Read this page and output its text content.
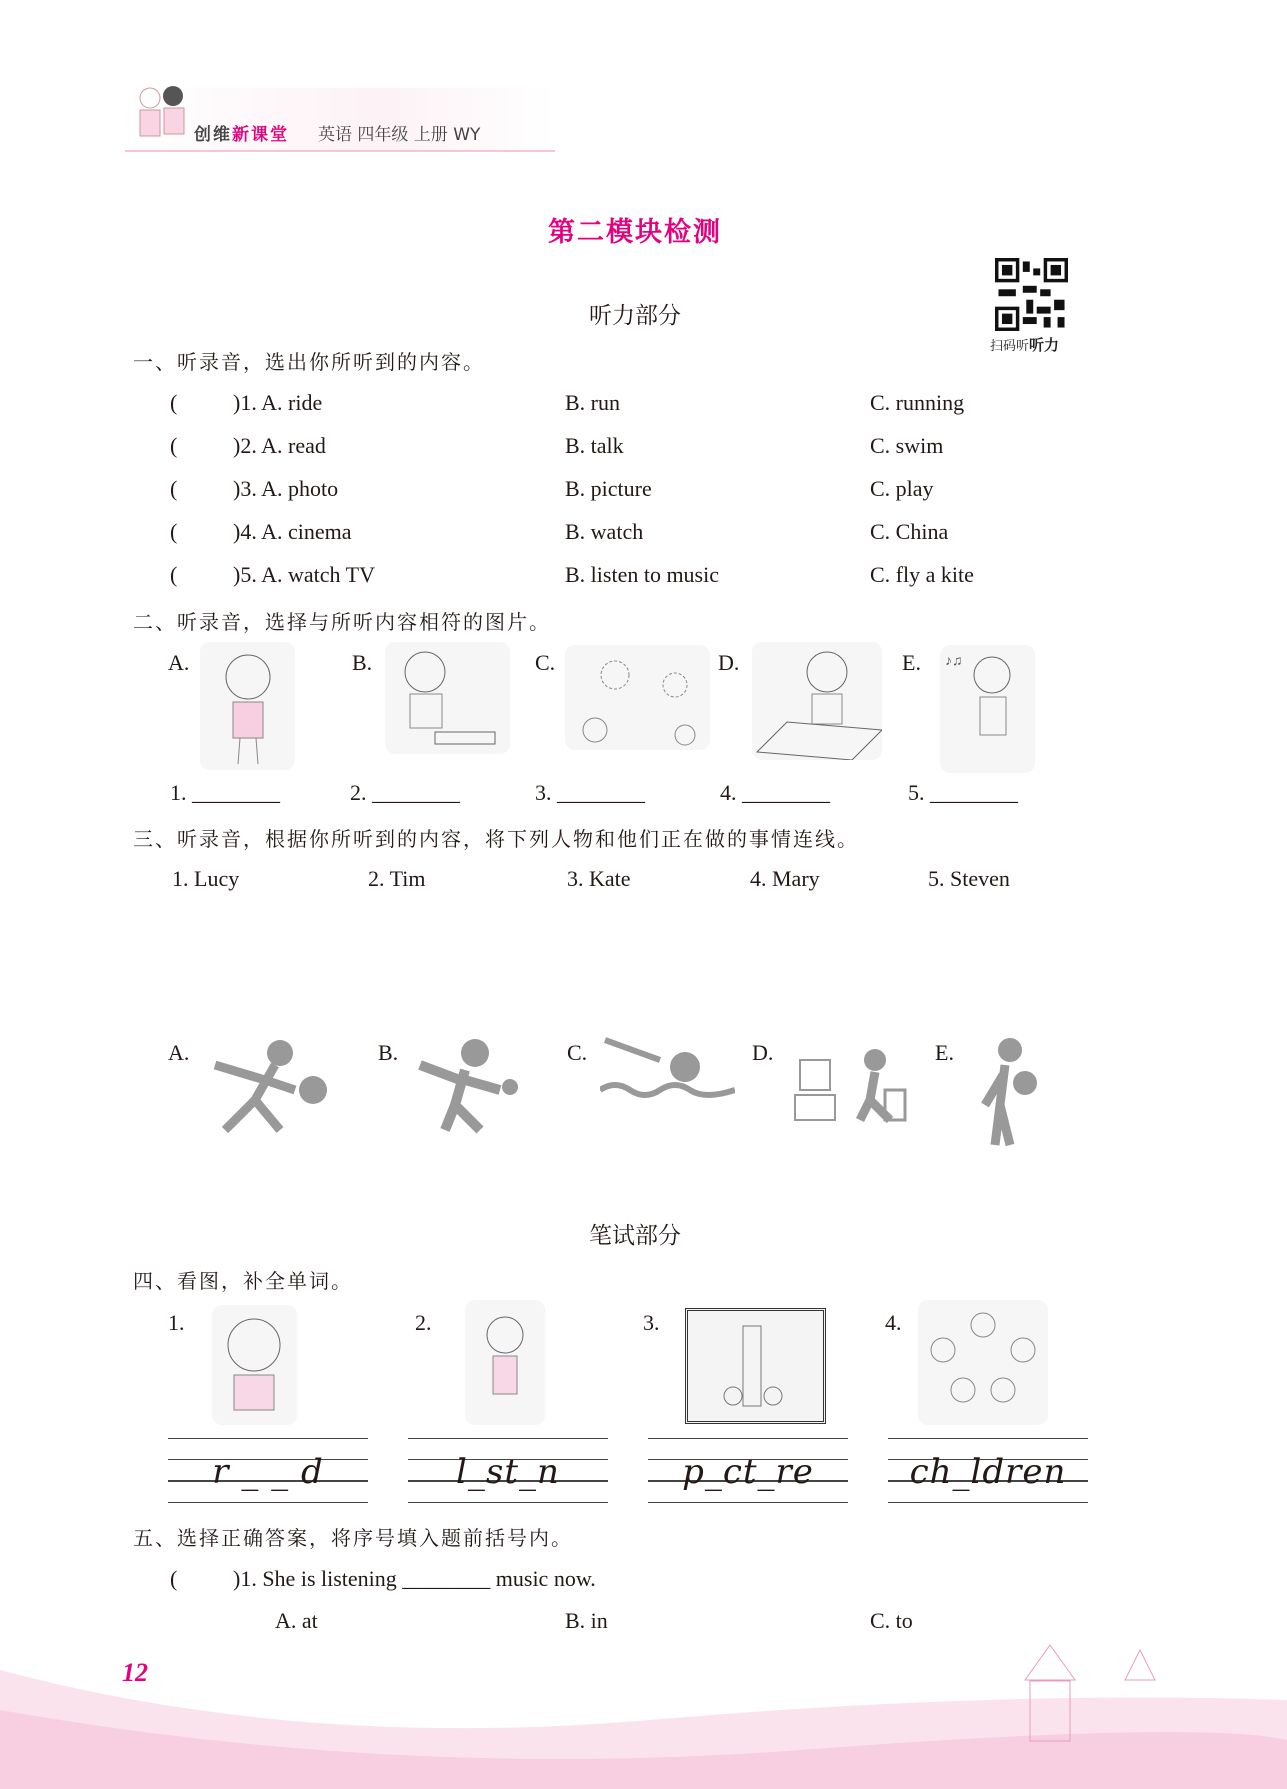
创维新课堂 英语 四年级 上册 WY
第二模块检测
扫码听听力
听力部分
一、听录音，选出你所听到的内容。
(	)1. A. ride	B. run	C. running
(	)2. A. read	B. talk	C. swim
(	)3. A. photo	B. picture	C. play
(	)4. A. cinema	B. watch	C. China
(	)5. A. watch TV	B. listen to music	C. fly a kite
二、听录音，选择与所听内容相符的图片。
A.	B.	C.	D.	E. ♪♫
1. ________	2. ________	3. ________	4. ________	5. ________
三、听录音，根据你所听到的内容，将下列人物和他们正在做的事情连线。
1. Lucy	2. Tim	3. Kate	4. Mary	5. Steven
A.	B.	C.	D.	E.
笔试部分
四、看图，补全单词。
1.	2.	3.	4.
r _ _ d	l_st_n	p_ct_re	ch_ldren
五、选择正确答案，将序号填入题前括号内。
(	)1. She is listening ________ music now.
A. at	B. in	C. to
12
